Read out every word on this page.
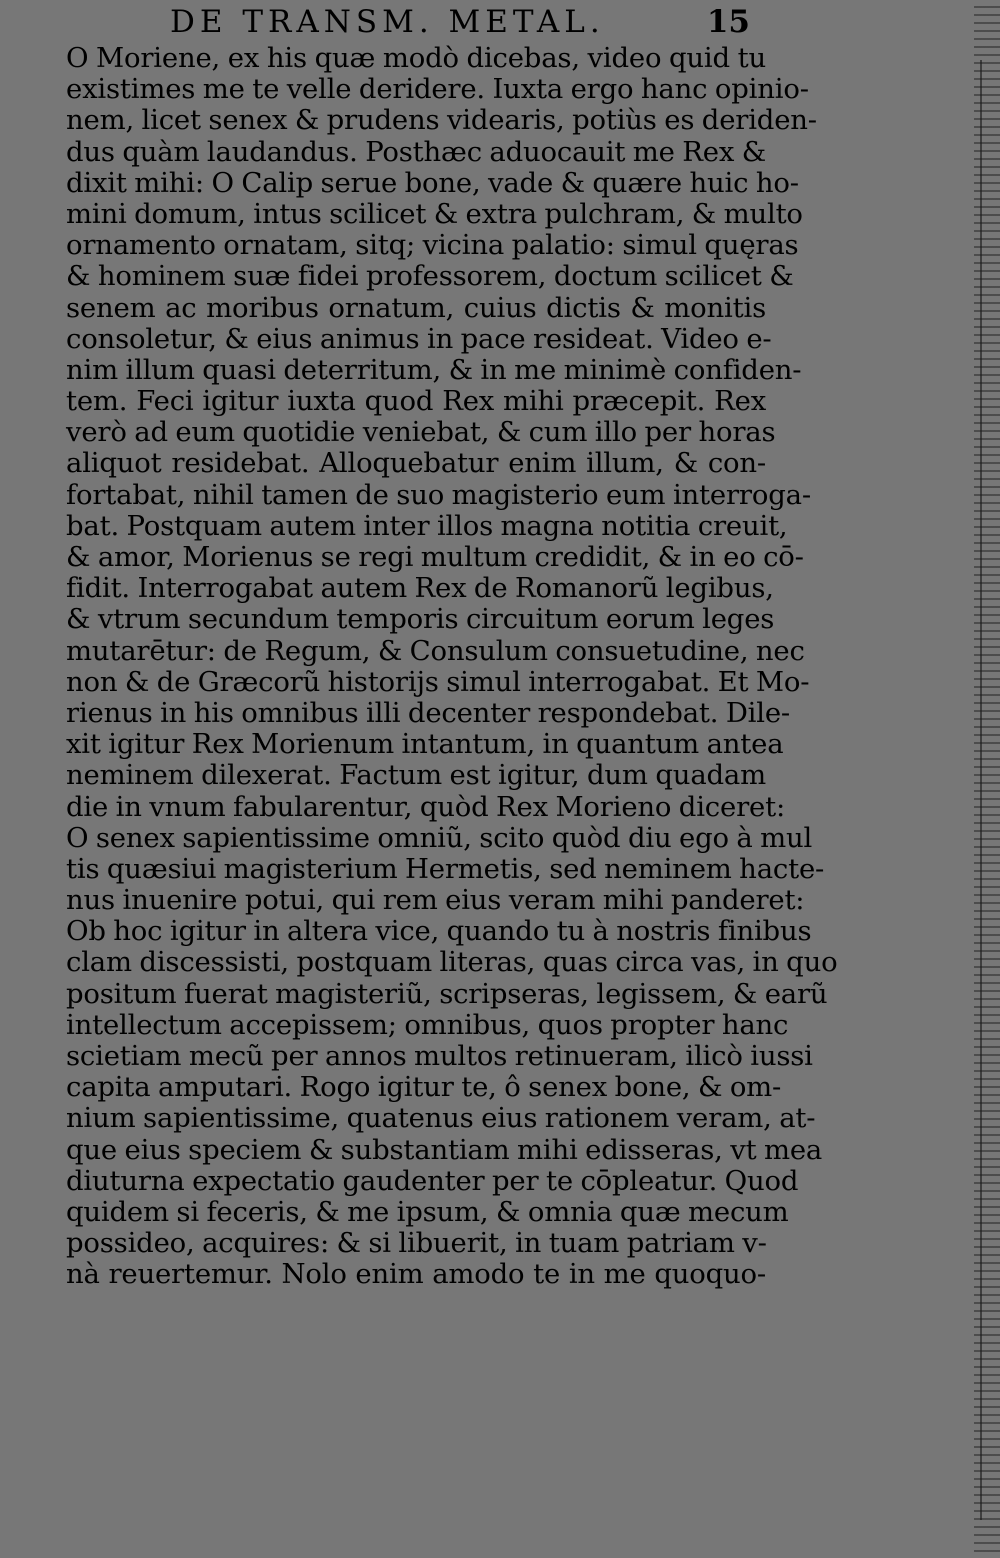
DE TRANSM. METAL.	15
O Moriene, ex his quæ modò dicebas, video quid tu
existimes me te velle deridere. Iuxta ergo hanc opinio-
nem, licet senex & prudens videaris, potiùs es deriden-
dus quàm laudandus. Posthæc aduocauit me Rex &
dixit mihi: O Calip serue bone, vade & quære huic ho-
mini domum, intus scilicet & extra pulchram, & multo
ornamento ornatam, sitq; vicina palatio: simul quęras
& hominem suæ fidei professorem, doctum scilicet &
senem ac moribus ornatum, cuius dictis & monitis
consoletur, & eius animus in pace resideat. Video e-
nim illum quasi deterritum, & in me minimè confiden-
tem. Feci igitur iuxta quod Rex mihi præcepit. Rex
verò ad eum quotidie veniebat, & cum illo per horas
aliquot residebat. Alloquebatur enim illum, & con-
fortabat, nihil tamen de suo magisterio eum interroga-
bat. Postquam autem inter illos magna notitia creuit,
& amor, Morienus se regi multum credidit, & in eo cō-
fidit. Interrogabat autem Rex de Romanorũ legibus,
& vtrum secundum temporis circuitum eorum leges
mutarētur: de Regum, & Consulum consuetudine, nec
non & de Græcorũ historijs simul interrogabat. Et Mo-
rienus in his omnibus illi decenter respondebat. Dile-
xit igitur Rex Morienum intantum, in quantum antea
neminem dilexerat. Factum est igitur, dum quadam
die in vnum fabularentur, quòd Rex Morieno diceret:
O senex sapientissime omniũ, scito quòd diu ego à mul
tis quæsiui magisterium Hermetis, sed neminem hacte-
nus inuenire potui, qui rem eius veram mihi panderet:
Ob hoc igitur in altera vice, quando tu à nostris finibus
clam discessisti, postquam literas, quas circa vas, in quo
positum fuerat magisteriũ, scripseras, legissem, & earũ
intellectum accepissem; omnibus, quos propter hanc
scietiam mecũ per annos multos retinueram, ilicò iussi
capita amputari. Rogo igitur te, ô senex bone, & om-
nium sapientissime, quatenus eius rationem veram, at-
que eius speciem & substantiam mihi edisseras, vt mea
diuturna expectatio gaudenter per te cōpleatur. Quod
quidem si feceris, & me ipsum, & omnia quæ mecum
possideo, acquires: & si libuerit, in tuam patriam v-
nà reuertemur. Nolo enim amodo te in me quoquo-
